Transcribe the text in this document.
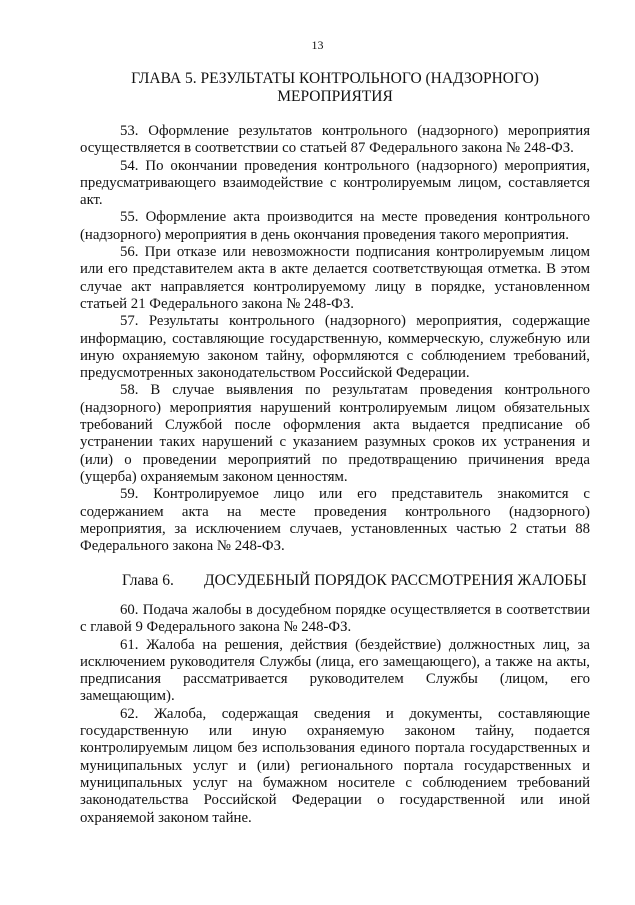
13
ГЛАВА 5. РЕЗУЛЬТАТЫ КОНТРОЛЬНОГО (НАДЗОРНОГО)
МЕРОПРИЯТИЯ

53. Оформление результатов контрольного (надзорного) мероприятия осуществляется в соответствии со статьей 87 Федерального закона № 248-ФЗ.

54. По окончании проведения контрольного (надзорного) мероприятия, предусматривающего взаимодействие с контролируемым лицом, составляется акт.

55. Оформление акта производится на месте проведения контрольного (надзорного) мероприятия в день окончания проведения такого мероприятия.

56. При отказе или невозможности подписания контролируемым лицом или его представителем акта в акте делается соответствующая отметка. В этом случае акт направляется контролируемому лицу в порядке, установленном статьей 21 Федерального закона № 248-ФЗ.

57. Результаты контрольного (надзорного) мероприятия, содержащие информацию, составляющие государственную, коммерческую, служебную или иную охраняемую законом тайну, оформляются с соблюдением требований, предусмотренных законодательством Российской Федерации.

58. В случае выявления по результатам проведения контрольного (надзорного) мероприятия нарушений контролируемым лицом обязательных требований Службой после оформления акта выдается предписание об устранении таких нарушений с указанием разумных сроков их устранения и (или) о проведении мероприятий по предотвращению причинения вреда (ущерба) охраняемым законом ценностям.

59. Контролируемое лицо или его представитель знакомится с содержанием акта на месте проведения контрольного (надзорного) мероприятия, за исключением случаев, установленных частью 2 статьи 88 Федерального закона № 248-ФЗ.

Глава 6. ДОСУДЕБНЫЙ ПОРЯДОК РАССМОТРЕНИЯ ЖАЛОБЫ

60. Подача жалобы в досудебном порядке осуществляется в соответствии с главой 9 Федерального закона № 248-ФЗ.

61. Жалоба на решения, действия (бездействие) должностных лиц, за исключением руководителя Службы (лица, его замещающего), а также на акты, предписания рассматривается руководителем Службы (лицом, его замещающим).

62. Жалоба, содержащая сведения и документы, составляющие государственную или иную охраняемую законом тайну, подается контролируемым лицом без использования единого портала государственных и муниципальных услуг и (или) регионального портала государственных и муниципальных услуг на бумажном носителе с соблюдением требований законодательства Российской Федерации о государственной или иной охраняемой законом тайне.
